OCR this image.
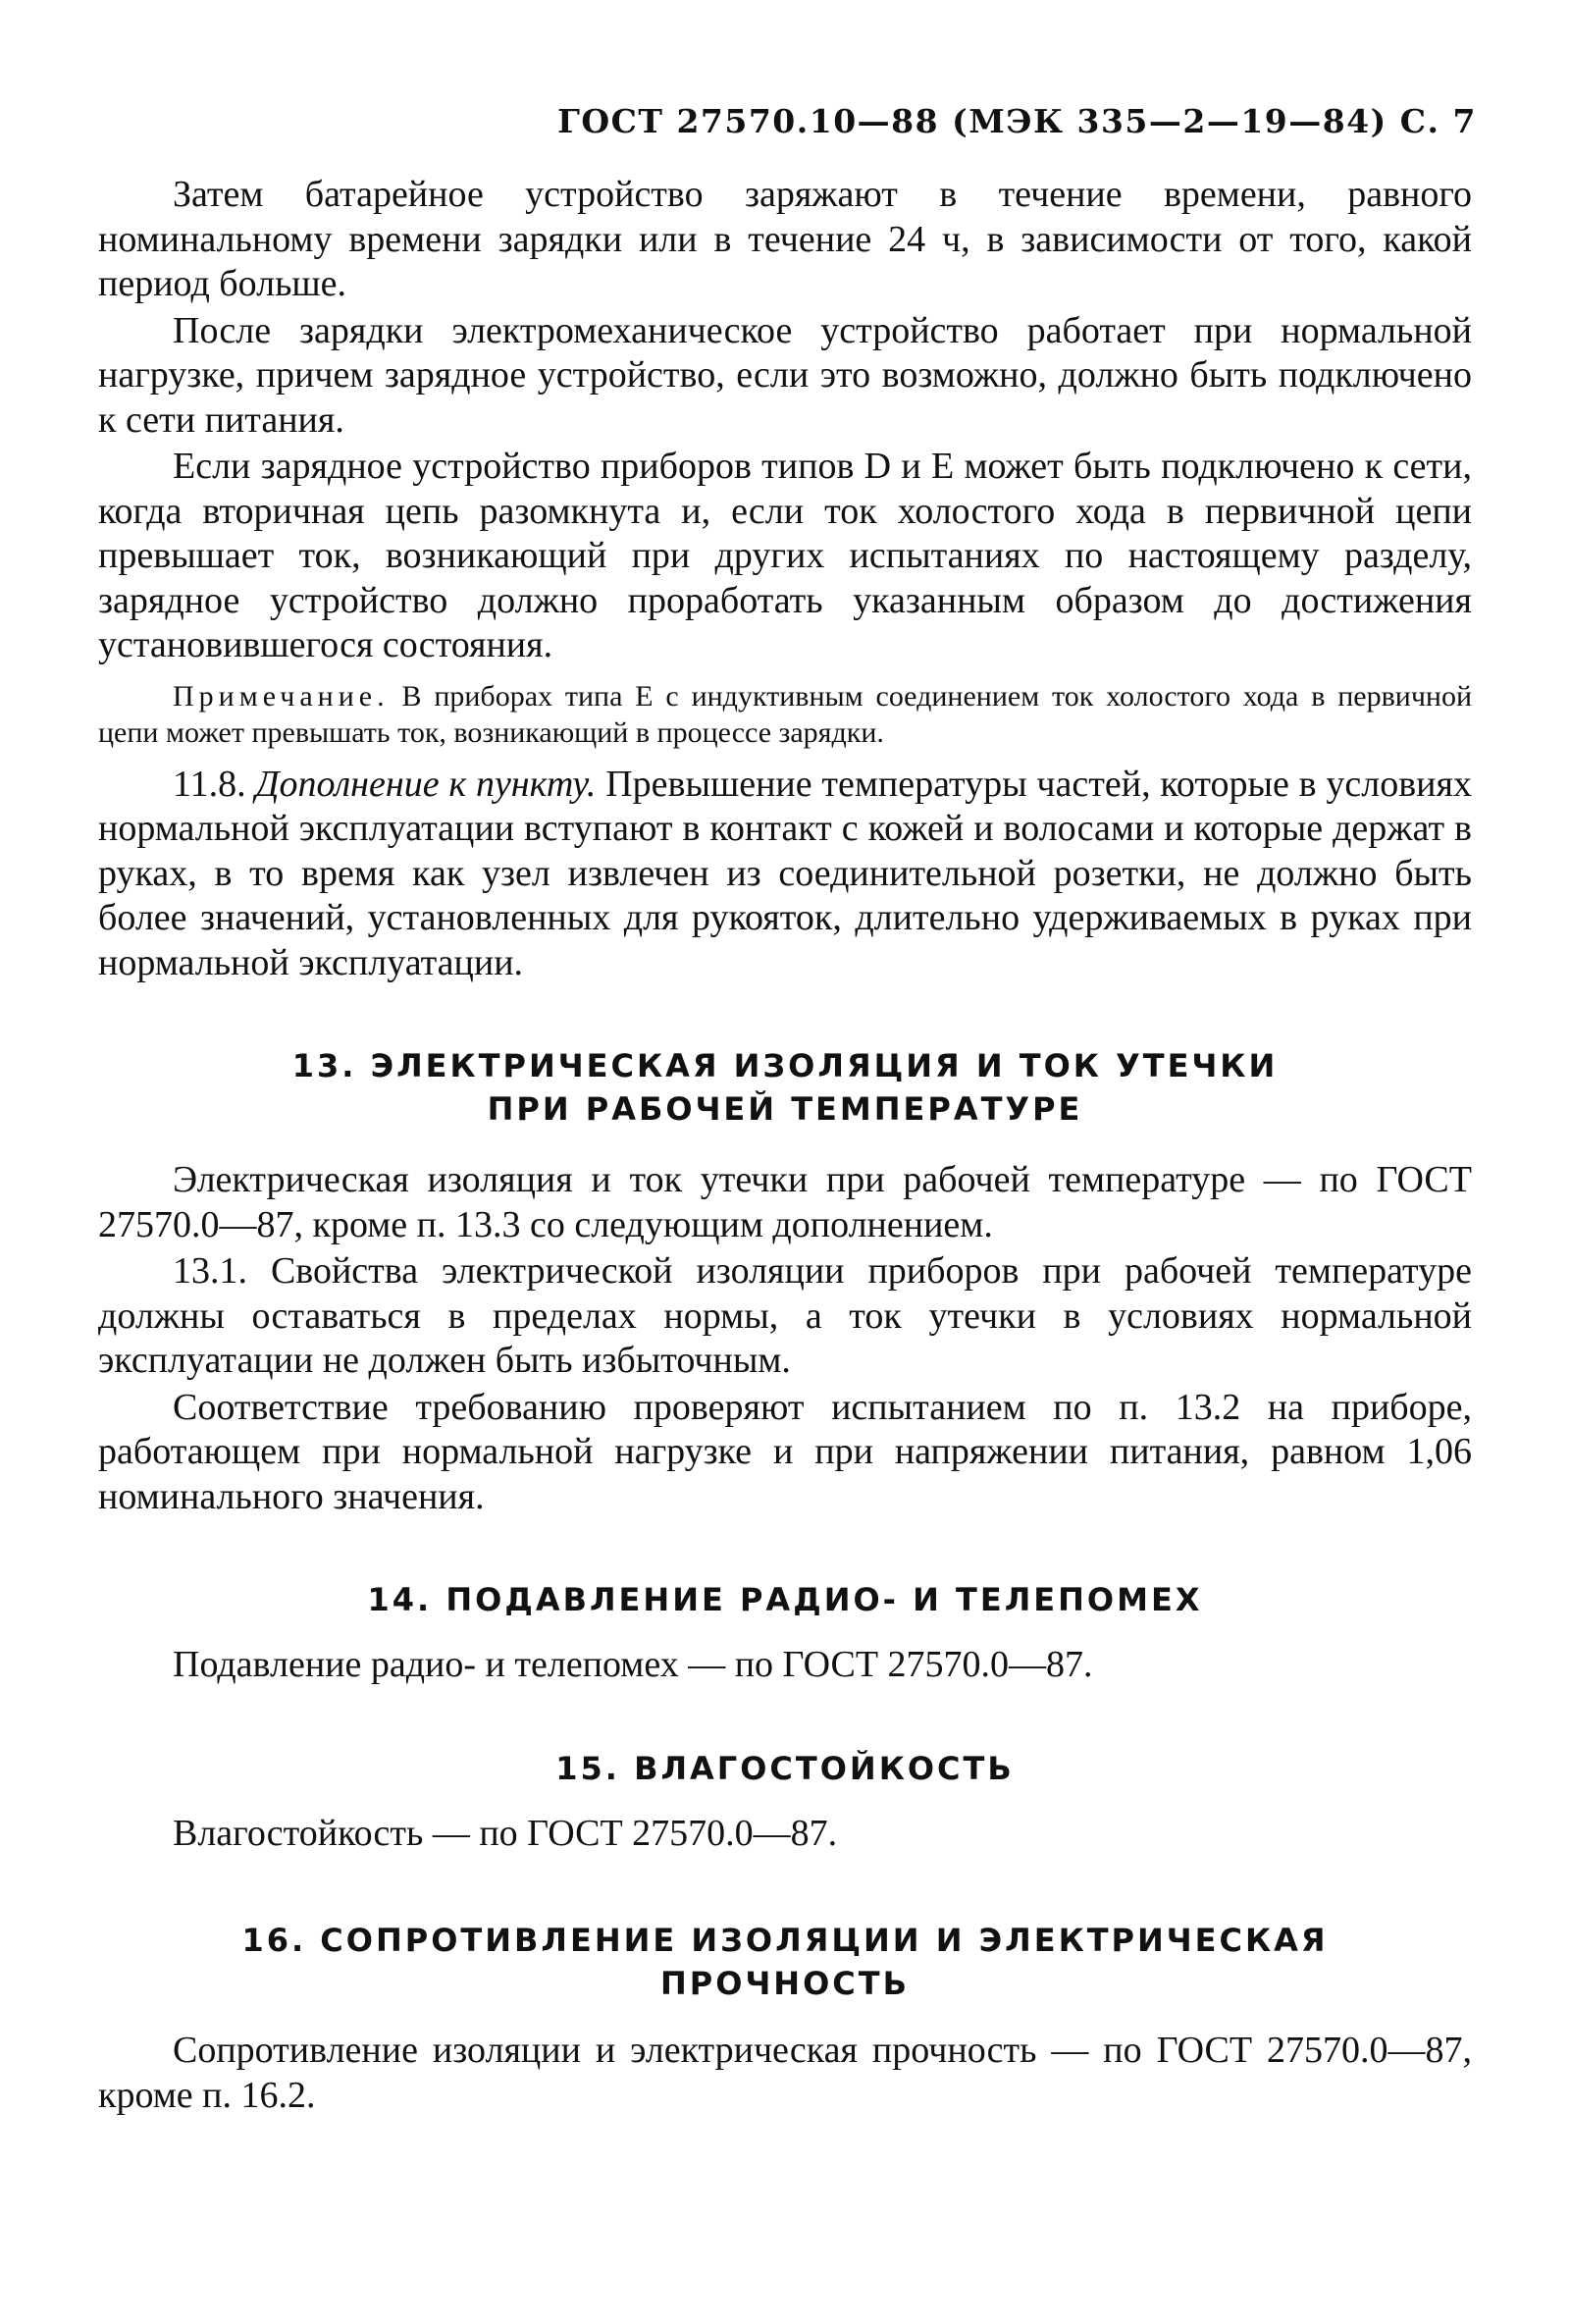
ГОСТ 27570.10—88 (МЭК 335—2—19—84) С. 7

Затем батарейное устройство заряжают в течение времени, равного номинальному времени зарядки или в течение 24 ч, в зависимости от того, какой период больше.

После зарядки электромеханическое устройство работает при нормальной нагрузке, причем зарядное устройство, если это возможно, должно быть подключено к сети питания.

Если зарядное устройство приборов типов D и E может быть подключено к сети, когда вторичная цепь разомкнута и, если ток холостого хода в первичной цепи превышает ток, возникающий при других испытаниях по настоящему разделу, зарядное устройство должно проработать указанным образом до достижения установившегося состояния.

Примечание. В приборах типа Е с индуктивным соединением ток холостого хода в первичной цепи может превышать ток, возникающий в процессе зарядки.

11.8. Дополнение к пункту. Превышение температуры частей, которые в условиях нормальной эксплуатации вступают в контакт с кожей и волосами и которые держат в руках, в то время как узел извлечен из соединительной розетки, не должно быть более значений, установленных для рукояток, длительно удерживаемых в руках при нормальной эксплуатации.

13. ЭЛЕКТРИЧЕСКАЯ ИЗОЛЯЦИЯ И ТОК УТЕЧКИ
ПРИ РАБОЧЕЙ ТЕМПЕРАТУРЕ

Электрическая изоляция и ток утечки при рабочей температуре — по ГОСТ 27570.0—87, кроме п. 13.3 со следующим дополнением.

13.1. Свойства электрической изоляции приборов при рабочей температуре должны оставаться в пределах нормы, а ток утечки в условиях нормальной эксплуатации не должен быть избыточным.

Соответствие требованию проверяют испытанием по п. 13.2 на приборе, работающем при нормальной нагрузке и при напряжении питания, равном 1,06 номинального значения.

14. ПОДАВЛЕНИЕ РАДИО- И ТЕЛЕПОМЕХ

Подавление радио- и телепомех — по ГОСТ 27570.0—87.

15. ВЛАГОСТОЙКОСТЬ

Влагостойкость — по ГОСТ 27570.0—87.

16. СОПРОТИВЛЕНИЕ ИЗОЛЯЦИИ И ЭЛЕКТРИЧЕСКАЯ
ПРОЧНОСТЬ

Сопротивление изоляции и электрическая прочность — по ГОСТ 27570.0—87, кроме п. 16.2.
